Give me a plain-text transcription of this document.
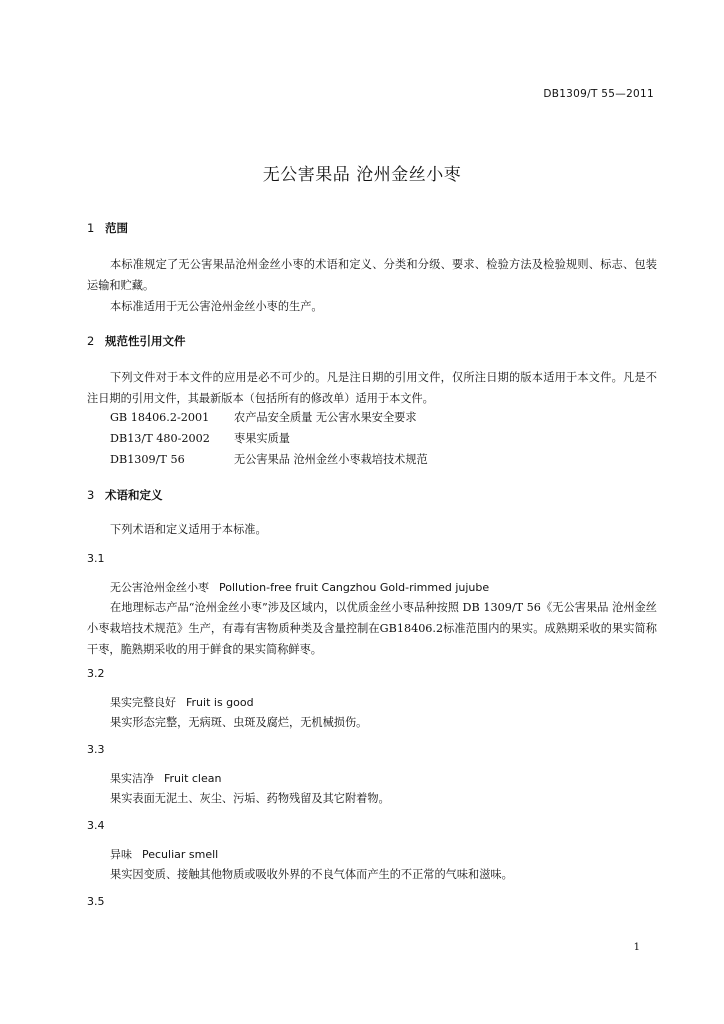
DB1309/T 55—2011
无公害果品 沧州金丝小枣
1 范围
本标准规定了无公害果品沧州金丝小枣的术语和定义、分类和分级、要求、检验方法及检验规则、标志、包装运输和贮藏。
本标准适用于无公害沧州金丝小枣的生产。
2 规范性引用文件
下列文件对于本文件的应用是必不可少的。凡是注日期的引用文件，仅所注日期的版本适用于本文件。凡是不注日期的引用文件，其最新版本（包括所有的修改单）适用于本文件。
GB 18406.2-2001 农产品安全质量 无公害水果安全要求
DB13/T 480-2002 枣果实质量
DB1309/T 56	无公害果品 沧州金丝小枣栽培技术规范
3 术语和定义
下列术语和定义适用于本标准。
3.1
无公害沧州金丝小枣 Pollution-free fruit Cangzhou Gold-rimmed jujube
在地理标志产品“沧州金丝小枣”涉及区域内，以优质金丝小枣品种按照 DB 1309/T 56《无公害果品 沧州金丝小枣栽培技术规范》生产，有毒有害物质种类及含量控制在GB18406.2标准范围内的果实。成熟期采收的果实简称干枣，脆熟期采收的用于鲜食的果实简称鲜枣。
3.2
果实完整良好 Fruit is good
果实形态完整，无病斑、虫斑及腐烂，无机械损伤。
3.3
果实洁净 Fruit clean
果实表面无泥土、灰尘、污垢、药物残留及其它附着物。
3.4
异味 Peculiar smell
果实因变质、接触其他物质或吸收外界的不良气体而产生的不正常的气味和滋味。
3.5
1
